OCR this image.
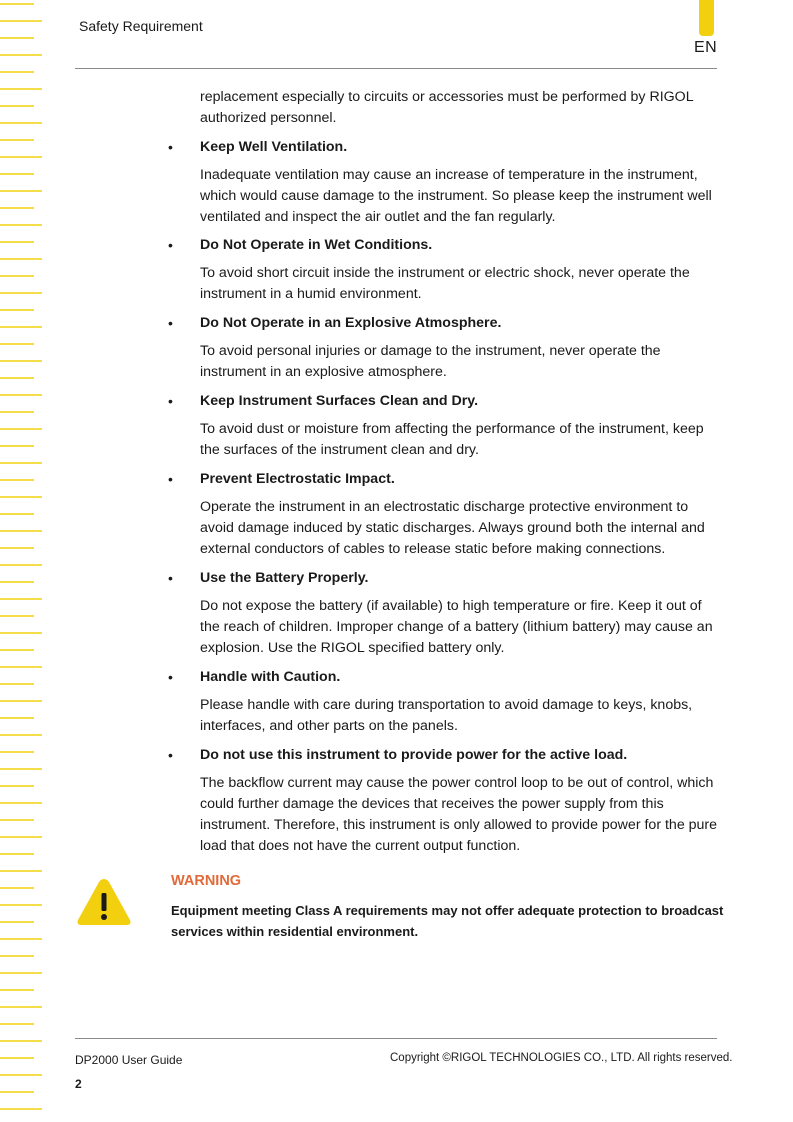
Safety Requirement
EN
replacement especially to circuits or accessories must be performed by RIGOL authorized personnel.
• Keep Well Ventilation.
Inadequate ventilation may cause an increase of temperature in the instrument, which would cause damage to the instrument. So please keep the instrument well ventilated and inspect the air outlet and the fan regularly.
• Do Not Operate in Wet Conditions.
To avoid short circuit inside the instrument or electric shock, never operate the instrument in a humid environment.
• Do Not Operate in an Explosive Atmosphere.
To avoid personal injuries or damage to the instrument, never operate the instrument in an explosive atmosphere.
• Keep Instrument Surfaces Clean and Dry.
To avoid dust or moisture from affecting the performance of the instrument, keep the surfaces of the instrument clean and dry.
• Prevent Electrostatic Impact.
Operate the instrument in an electrostatic discharge protective environment to avoid damage induced by static discharges. Always ground both the internal and external conductors of cables to release static before making connections.
• Use the Battery Properly.
Do not expose the battery (if available) to high temperature or fire. Keep it out of the reach of children. Improper change of a battery (lithium battery) may cause an explosion. Use the RIGOL specified battery only.
• Handle with Caution.
Please handle with care during transportation to avoid damage to keys, knobs, interfaces, and other parts on the panels.
• Do not use this instrument to provide power for the active load.
The backflow current may cause the power control loop to be out of control, which could further damage the devices that receives the power supply from this instrument. Therefore, this instrument is only allowed to provide power for the pure load that does not have the current output function.
WARNING
Equipment meeting Class A requirements may not offer adequate protection to broadcast services within residential environment.
DP2000 User Guide	Copyright ©RIGOL TECHNOLOGIES CO., LTD. All rights reserved.
2
